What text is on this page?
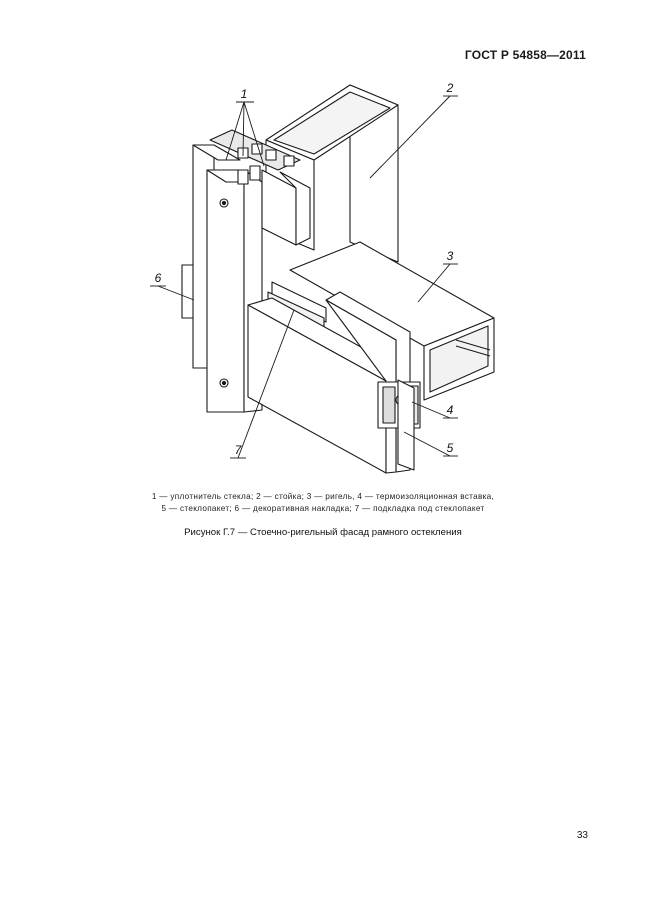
ГОСТ Р 54858—2011
1	2
3
6
4
5
7
1 — уплотнитель стекла; 2 — стойка; 3 — ригель, 4 — термоизоляционная вставка,
5 — стеклопакет; 6 — декоративная накладка; 7 — подкладка под стеклопакет
Рисунок Г.7 — Стоечно-ригельный фасад рамного остекления
33
